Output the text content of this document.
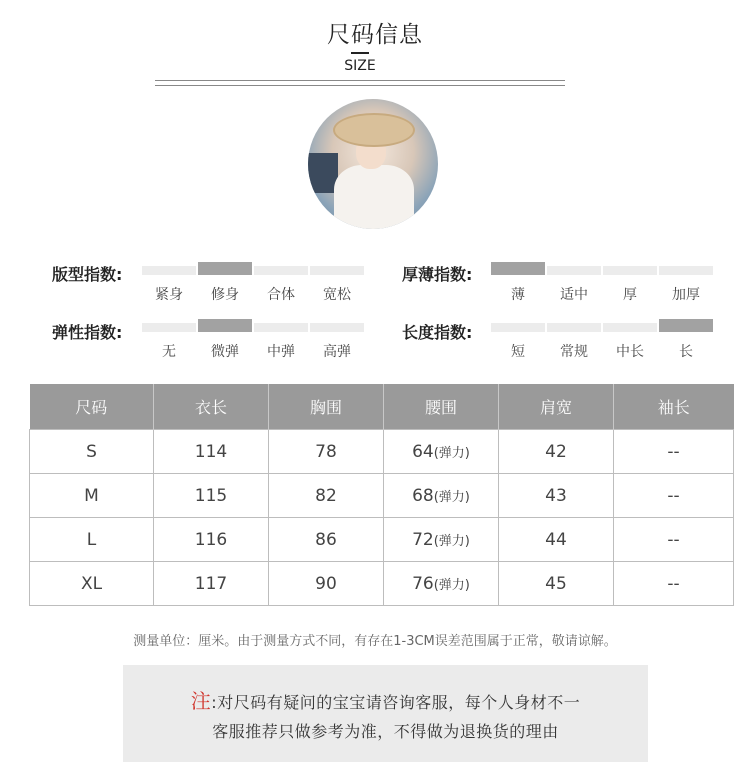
尺码信息
SIZE
版型指数:
紧身	修身	合体	宽松
厚薄指数:
薄	适中	厚	加厚
弹性指数:
无	微弹	中弹	高弹
长度指数:
短	常规	中长	长
尺码	衣长	胸围	腰围	肩宽	袖长
S	114	78	64(弹力)	42	--
M	115	82	68(弹力)	43	--
L	116	86	72(弹力)	44	--
XL	117	90	76(弹力)	45	--
测量单位：厘米。由于测量方式不同，有存在1-3CM误差范围属于正常，敬请谅解。
注:对尺码有疑问的宝宝请咨询客服，每个人身材不一
客服推荐只做参考为准，不得做为退换货的理由
